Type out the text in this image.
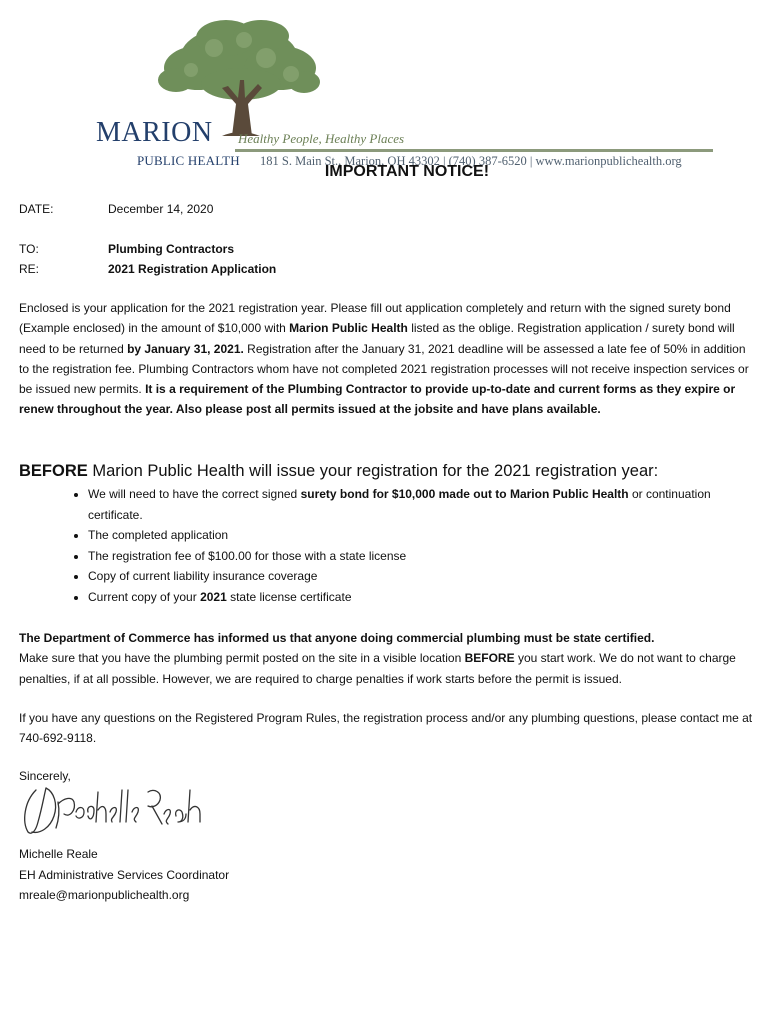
MARION Healthy People, Healthy Places
PUBLIC HEALTH 181 S. Main St., Marion, OH 43302 | (740) 387-6520 | www.marionpublichealth.org
IMPORTANT NOTICE!
DATE:	December 14, 2020
TO:	Plumbing Contractors
RE:	2021 Registration Application
Enclosed is your application for the 2021 registration year. Please fill out application completely and return with the signed surety bond (Example enclosed) in the amount of $10,000 with Marion Public Health listed as the oblige. Registration application / surety bond will need to be returned by January 31, 2021. Registration after the January 31, 2021 deadline will be assessed a late fee of 50% in addition to the registration fee. Plumbing Contractors whom have not completed 2021 registration processes will not receive inspection services or be issued new permits. It is a requirement of the Plumbing Contractor to provide up-to-date and current forms as they expire or renew throughout the year. Also please post all permits issued at the jobsite and have plans available.
BEFORE Marion Public Health will issue your registration for the 2021 registration year:
• We will need to have the correct signed surety bond for $10,000 made out to Marion Public Health or continuation certificate.
• The completed application
• The registration fee of $100.00 for those with a state license
• Copy of current liability insurance coverage
• Current copy of your 2021 state license certificate
The Department of Commerce has informed us that anyone doing commercial plumbing must be state certified.
Make sure that you have the plumbing permit posted on the site in a visible location BEFORE you start work. We do not want to charge penalties, if at all possible. However, we are required to charge penalties if work starts before the permit is issued.
If you have any questions on the Registered Program Rules, the registration process and/or any plumbing questions, please contact me at 740-692-9118.
Sincerely,
Michelle Reale
EH Administrative Services Coordinator
mreale@marionpublichealth.org
